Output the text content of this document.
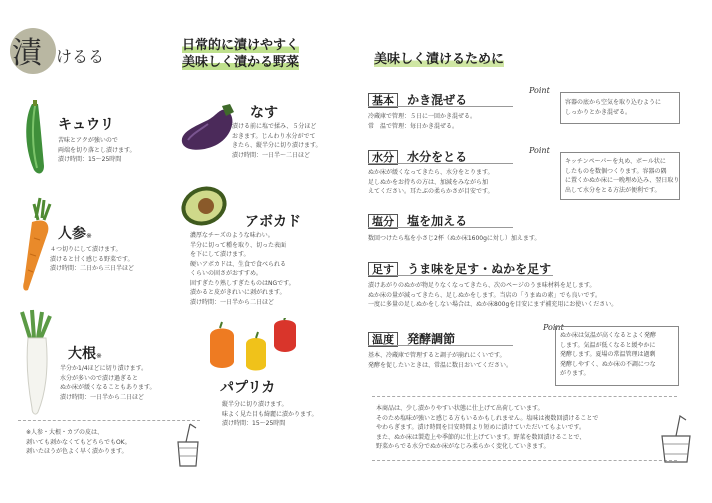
漬 けるる
日常的に漬けやすく
美味しく漬かる野菜
キュウリ
苦味とアクが強いので
両端を切り落とし漬けます。
漬け時間：15～25時間
人参※
４つ切りにして漬けます。
漬けると甘く感じる野菜です。
漬け時間：二日から三日半ほど
大根※
半分か1/4ほどに切り漬けます。
水分が多いので漬け過ぎると
ぬか床が緩くなることもあります。
漬け時間：一日半から二日ほど
なす
漬ける前に塩で揉み、５分ほど
おきます。じんわり水分がでて
きたら、縦半分に切り漬けます。
漬け時間：一日半～二日ほど
アボカド
濃厚なチーズのような味わい。
半分に切って種を取り、切った表面
を下にして漬けます。
硬いアボカドは、生食で食べられる
くらいの固さがおすすめ。
固すぎたり熟しすぎたものはNGです。
漬かると皮がきれいに剥がれます。
漬け時間：一日半から二日ほど
パプリカ
縦半分に切り漬けます。
味よく見た目も綺麗に漬かります。
漬け時間：15～25時間
※人参・大根・カブの皮は、
剥いても剥かなくてもどちらでもOK。
剥いたほうが色よく早く漬かります。
美味しく漬けるために
基本 かき混ぜる
冷蔵庫で管理：５日に一回かき混ぜる。
常　温で管理：毎日かき混ぜる。
Point
容器の底から空気を取り込むように
しっかりとかき混ぜる。
水分 水分をとる
ぬか床が緩くなってきたら、水分をとります。
足しぬかをお持ちの方は、加減をみながら加
えてください。耳たぶの柔らかさが目安です。
Point
キッチンペーパーを丸め、ボール状に
したものを数個つくります。容器の隅
に置くかぬか床に一晩埋め込み、翌日取り
出して水分をとる方法が便利です。
塩分 塩を加える
数回つけたら塩を小さじ2杯（ぬか床1600gに対し）加えます。
足す うま味を足す・ぬかを足す
漬けあがりのぬかが物足りなくなってきたら、次のページのうま味材料を足します。
ぬか床の量が減ってきたら、足しぬかをします。当店の「うまぬの素」でも良いです。
一度に多量の足しぬかをしない場合は、ぬか床800gを目安にまず補充用にお使いください。
温度 発酵調節
基本、冷蔵庫で管理すると調子が崩れにくいです。
発酵を促したいときは、常温に数日おいてください。
Point
ぬか床は気温が高くなるとよく発酵
します。気温が低くなると緩やかに
発酵します。夏場の常温管理は過剰
発酵しやすく、ぬか床の不調につな
がります。
本商品は、少し漬かりやすい状態に仕上げて出荷しています。
そのため塩味が強いと感じる方もいるかもしれません。塩味は複数回漬けることで
やわらぎます。漬け時間を目安時間より短めに漬けていただいてもよいです。
また、ぬか床は製造上や季節的に仕上げています。野菜を数回漬けることで、
野菜からでる水分でぬか床がなじみ柔らかく変化していきます。
